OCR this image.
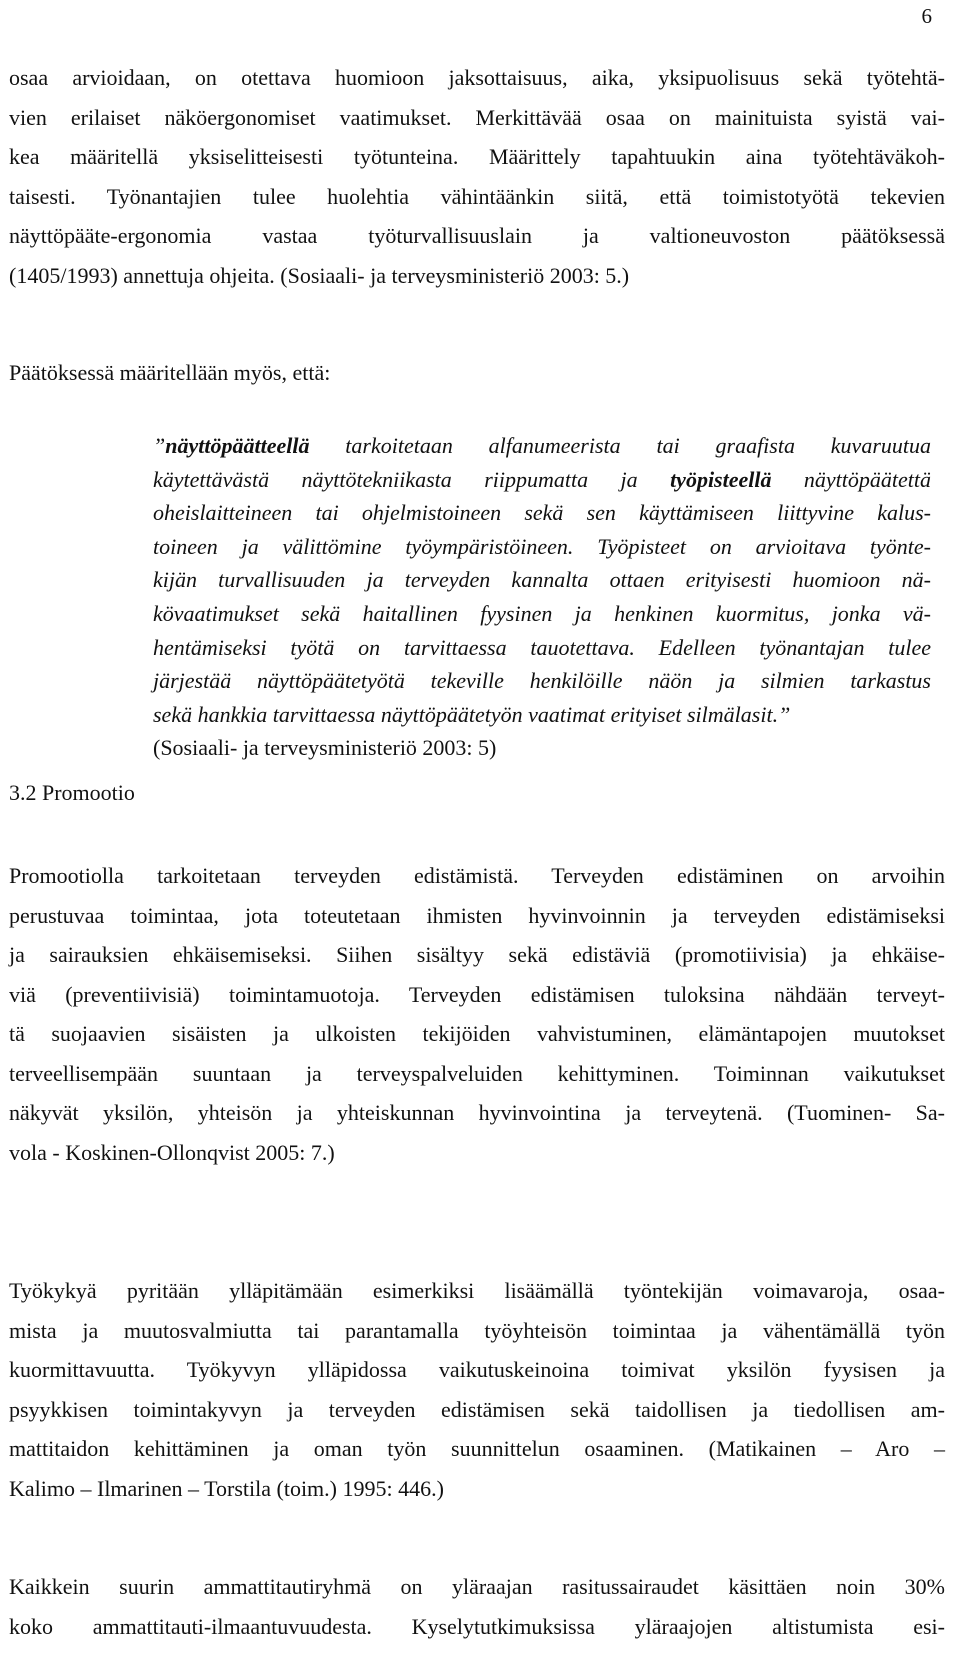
6
osaa arvioidaan, on otettava huomioon jaksottaisuus, aika, yksipuolisuus sekä työtehtä-
vien erilaiset näköergonomiset vaatimukset. Merkittävää osaa on mainituista syistä vai-
kea määritellä yksiselitteisesti työtunteina. Määrittely tapahtuukin aina työtehtäväkoh-
taisesti. Työnantajien tulee huolehtia vähintäänkin siitä, että toimistotyötä tekevien
näyttöpääte-ergonomia vastaa työturvallisuuslain ja valtioneuvoston päätöksessä
(1405/1993) annettuja ohjeita. (Sosiaali- ja terveysministeriö 2003: 5.)
Päätöksessä määritellään myös, että:
”näyttöpäätteellä tarkoitetaan alfanumeerista tai graafista kuvaruutua
käytettävästä näyttötekniikasta riippumatta ja työpisteellä näyttöpäätettä
oheislaitteineen tai ohjelmistoineen sekä sen käyttämiseen liittyvine kalus-
toineen ja välittömine työympäristöineen. Työpisteet on arvioitava työnte-
kijän turvallisuuden ja terveyden kannalta ottaen erityisesti huomioon nä-
kövaatimukset sekä haitallinen fyysinen ja henkinen kuormitus, jonka vä-
hentämiseksi työtä on tarvittaessa tauotettava. Edelleen työnantajan tulee
järjestää näyttöpäätetyötä tekeville henkilöille näön ja silmien tarkastus
sekä hankkia tarvittaessa näyttöpäätetyön vaatimat erityiset silmälasit.”
(Sosiaali- ja terveysministeriö 2003: 5)
3.2 Promootio
Promootiolla tarkoitetaan terveyden edistämistä. Terveyden edistäminen on arvoihin
perustuvaa toimintaa, jota toteutetaan ihmisten hyvinvoinnin ja terveyden edistämiseksi
ja sairauksien ehkäisemiseksi. Siihen sisältyy sekä edistäviä (promotiivisia) ja ehkäise-
viä (preventiivisiä) toimintamuotoja. Terveyden edistämisen tuloksina nähdään terveyt-
tä suojaavien sisäisten ja ulkoisten tekijöiden vahvistuminen, elämäntapojen muutokset
terveellisempään suuntaan ja terveyspalveluiden kehittyminen. Toiminnan vaikutukset
näkyvät yksilön, yhteisön ja yhteiskunnan hyvinvointina ja terveytenä. (Tuominen- Sa-
vola - Koskinen-Ollonqvist 2005: 7.)
Työkykyä pyritään ylläpitämään esimerkiksi lisäämällä työntekijän voimavaroja, osaa-
mista ja muutosvalmiutta tai parantamalla työyhteisön toimintaa ja vähentämällä työn
kuormittavuutta. Työkyvyn ylläpidossa vaikutuskeinoina toimivat yksilön fyysisen ja
psyykkisen toimintakyvyn ja terveyden edistämisen sekä taidollisen ja tiedollisen am-
mattitaidon kehittäminen ja oman työn suunnittelun osaaminen. (Matikainen – Aro –
Kalimo – Ilmarinen – Torstila (toim.) 1995: 446.)
Kaikkein suurin ammattitautiryhmä on yläraajan rasitussairaudet käsittäen noin 30%
koko ammattitauti-ilmaantuvuudesta. Kyselytutkimuksissa yläraajojen altistumista esi-
